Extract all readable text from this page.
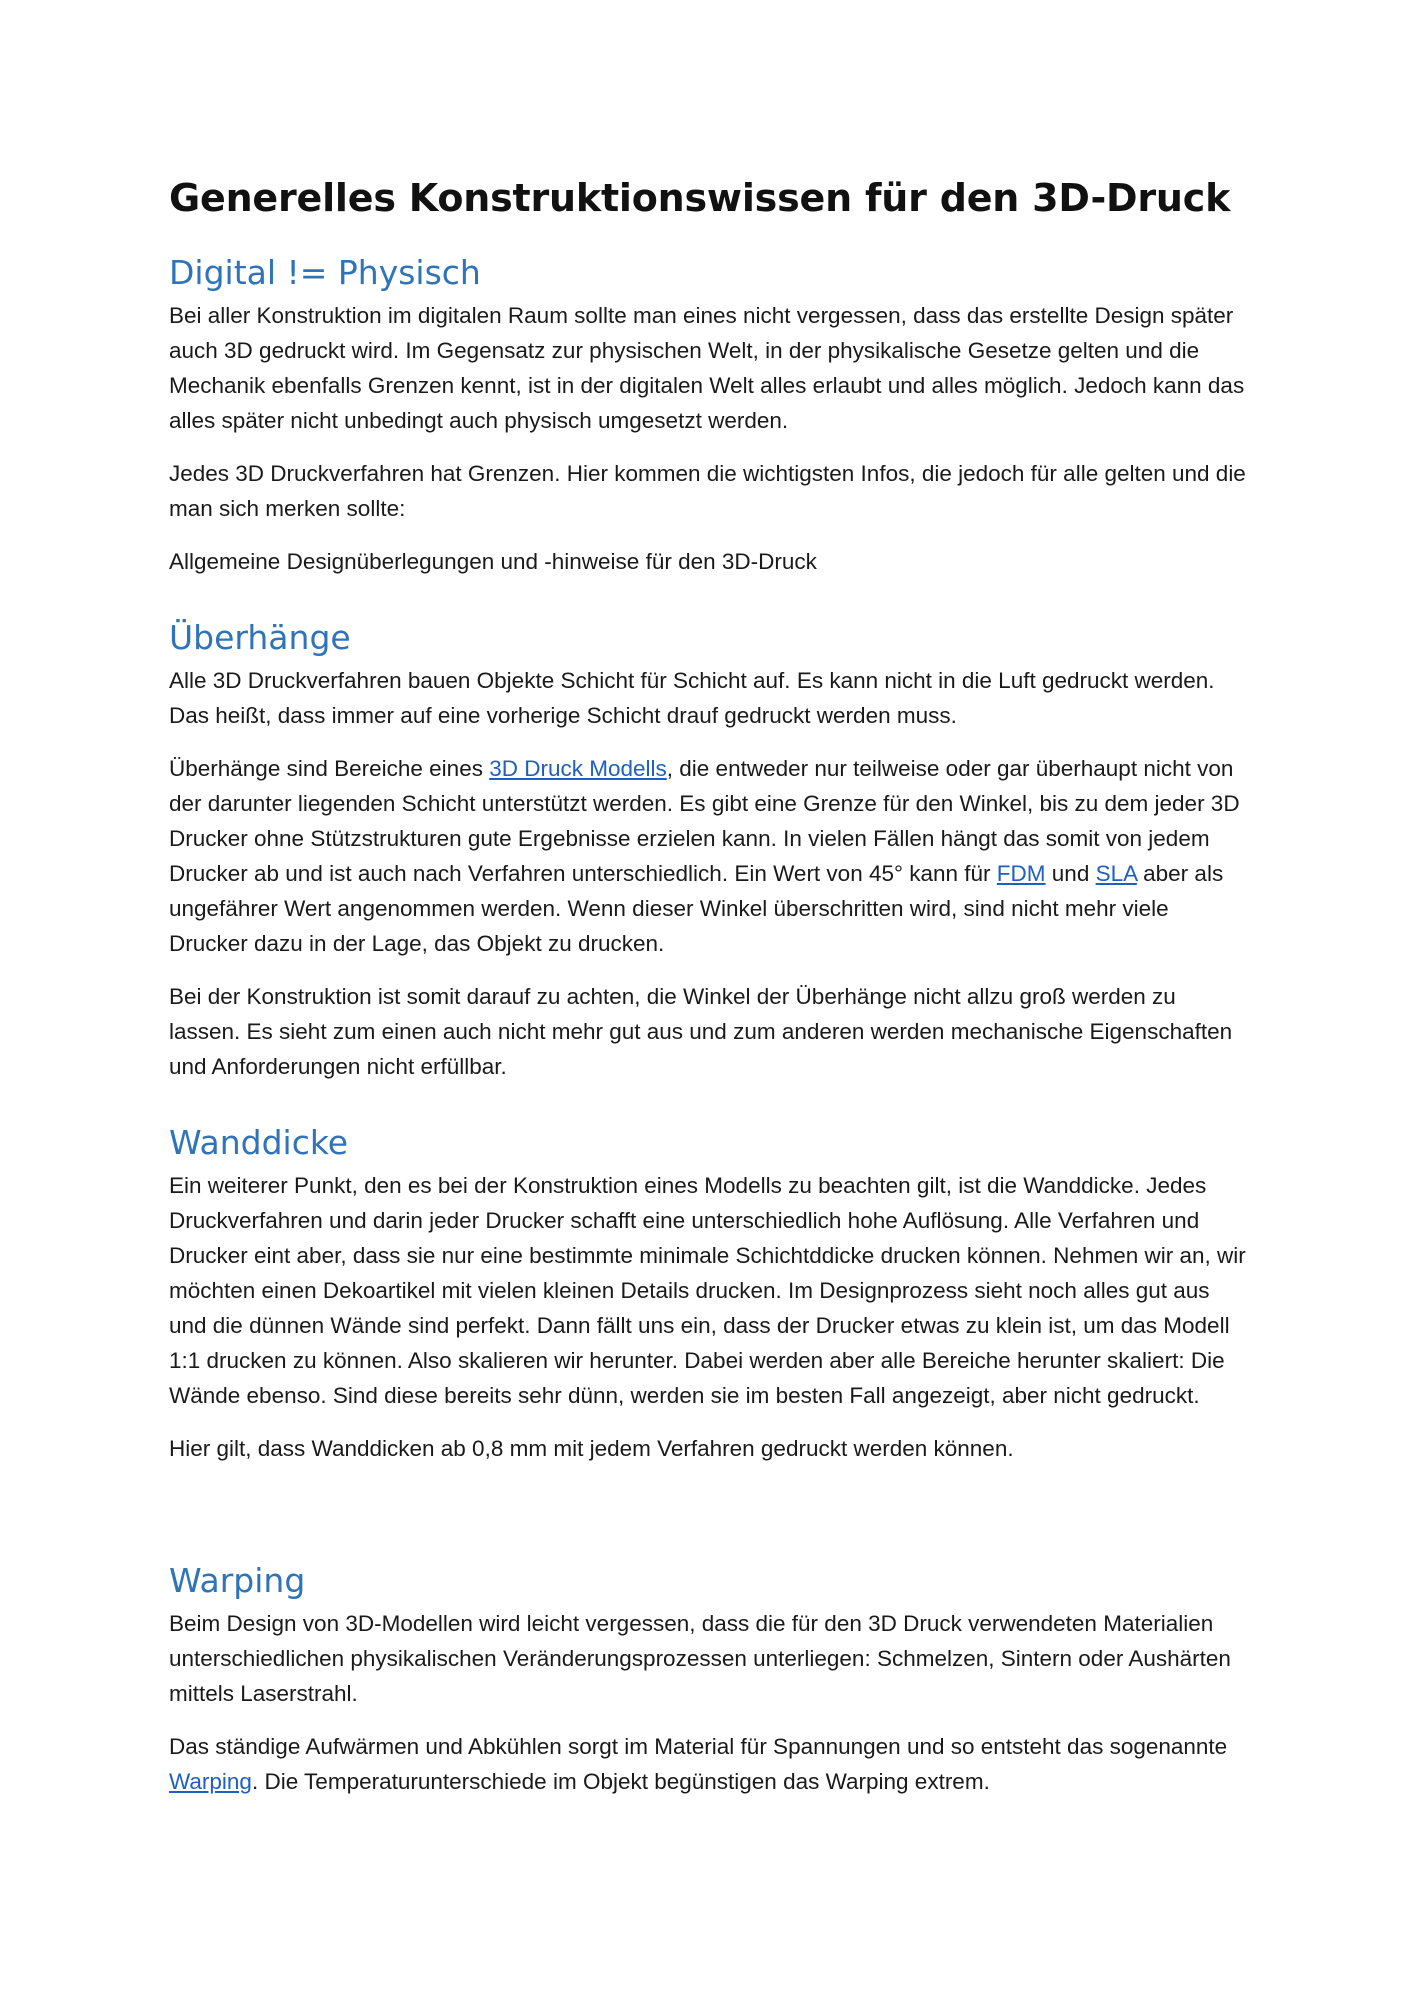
Generelles Konstruktionswissen für den 3D-Druck
Digital != Physisch

Bei aller Konstruktion im digitalen Raum sollte man eines nicht vergessen, dass das erstellte Design später auch 3D gedruckt wird. Im Gegensatz zur physischen Welt, in der physikalische Gesetze gelten und die Mechanik ebenfalls Grenzen kennt, ist in der digitalen Welt alles erlaubt und alles möglich. Jedoch kann das alles später nicht unbedingt auch physisch umgesetzt werden.

Jedes 3D Druckverfahren hat Grenzen. Hier kommen die wichtigsten Infos, die jedoch für alle gelten und die man sich merken sollte:

Allgemeine Designüberlegungen und -hinweise für den 3D-Druck

Überhänge

Alle 3D Druckverfahren bauen Objekte Schicht für Schicht auf. Es kann nicht in die Luft gedruckt werden. Das heißt, dass immer auf eine vorherige Schicht drauf gedruckt werden muss.

Überhänge sind Bereiche eines 3D Druck Modells, die entweder nur teilweise oder gar überhaupt nicht von der darunter liegenden Schicht unterstützt werden. Es gibt eine Grenze für den Winkel, bis zu dem jeder 3D Drucker ohne Stützstrukturen gute Ergebnisse erzielen kann. In vielen Fällen hängt das somit von jedem Drucker ab und ist auch nach Verfahren unterschiedlich. Ein Wert von 45° kann für FDM und SLA aber als ungefährer Wert angenommen werden. Wenn dieser Winkel überschritten wird, sind nicht mehr viele Drucker dazu in der Lage, das Objekt zu drucken.

Bei der Konstruktion ist somit darauf zu achten, die Winkel der Überhänge nicht allzu groß werden zu lassen. Es sieht zum einen auch nicht mehr gut aus und zum anderen werden mechanische Eigenschaften und Anforderungen nicht erfüllbar.

Wanddicke

Ein weiterer Punkt, den es bei der Konstruktion eines Modells zu beachten gilt, ist die Wanddicke. Jedes Druckverfahren und darin jeder Drucker schafft eine unterschiedlich hohe Auflösung. Alle Verfahren und Drucker eint aber, dass sie nur eine bestimmte minimale Schichtddicke drucken können. Nehmen wir an, wir möchten einen Dekoartikel mit vielen kleinen Details drucken. Im Designprozess sieht noch alles gut aus und die dünnen Wände sind perfekt. Dann fällt uns ein, dass der Drucker etwas zu klein ist, um das Modell 1:1 drucken zu können. Also skalieren wir herunter. Dabei werden aber alle Bereiche herunter skaliert: Die Wände ebenso. Sind diese bereits sehr dünn, werden sie im besten Fall angezeigt, aber nicht gedruckt.

Hier gilt, dass Wanddicken ab 0,8 mm mit jedem Verfahren gedruckt werden können.

Warping

Beim Design von 3D-Modellen wird leicht vergessen, dass die für den 3D Druck verwendeten Materialien unterschiedlichen physikalischen Veränderungsprozessen unterliegen: Schmelzen, Sintern oder Aushärten mittels Laserstrahl.

Das ständige Aufwärmen und Abkühlen sorgt im Material für Spannungen und so entsteht das sogenannte Warping. Die Temperaturunterschiede im Objekt begünstigen das Warping extrem.
